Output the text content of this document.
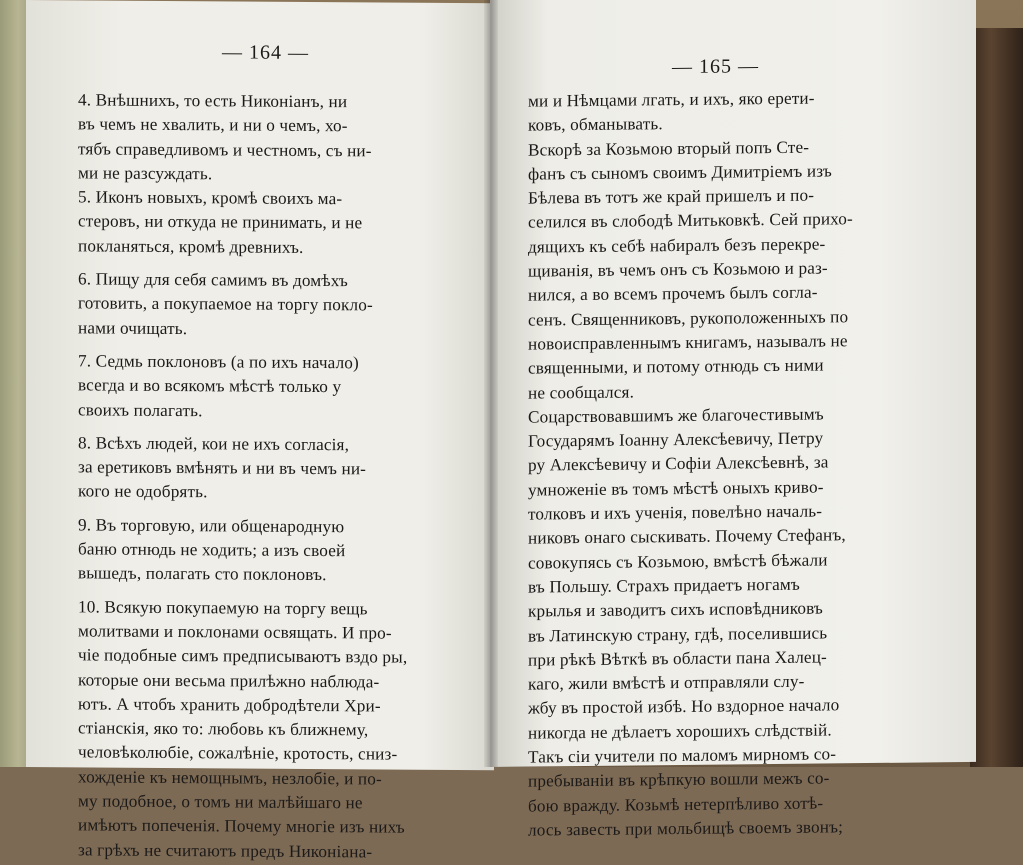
— 164 —
4. Внѣшнихъ, то есть Никоніанъ, ни
въ чемъ не хвалить, и ни о чемъ, хо-
тябъ справедливомъ и честномъ, съ ни-
ми не разсуждать.
5. Иконъ новыхъ, кромѣ своихъ ма-
стеровъ, ни откуда не принимать, и не
покланяться, кромѣ древнихъ.
6. Пищу для себя самимъ въ домѣхъ
готовить, а покупаемое на торгу покло-
нами очищать.
7. Седмь поклоновъ (а по ихъ начало)
всегда и во всякомъ мѣстѣ только у
своихъ полагать.
8. Всѣхъ людей, кои не ихъ согласія,
за еретиковъ вмѣнять и ни въ чемъ ни-
кого не одобрять.
9. Въ торговую, или общенародную
баню отнюдь не ходить; а изъ своей
вышедъ, полагать сто поклоновъ.
10. Всякую покупаемую на торгу вещь
молитвами и поклонами освящать. И про-
чіе подобные симъ предписываютъ вздо ры,
которые они весьма прилѣжно наблюда-
ютъ. А чтобъ хранить добродѣтели Хри-
стіанскія, яко то: любовь къ ближнему,
человѣколюбіе, сожалѣніе, кротость, сниз-
хожденіе къ немощнымъ, незлобіе, и по-
му подобное, о томъ ни малѣйшаго не
имѣютъ попеченія. Почему многіе изъ нихъ
за грѣхъ не считаютъ предъ Никоніана-
— 165 —
ми и Нѣмцами лгать, и ихъ, яко ерети-
ковъ, обманывать.
Вскорѣ за Козьмою вторый попъ Сте-
фанъ съ сыномъ своимъ Димитріемъ изъ
Бѣлева въ тотъ же край пришелъ и по-
селился въ слободѣ Митьковкѣ. Сей прихо-
дящихъ къ себѣ набиралъ безъ перекре-
щиванія, въ чемъ онъ съ Козьмою и раз-
нился, а во всемъ прочемъ былъ согла-
сенъ. Священниковъ, рукоположенныхъ по
новоисправленнымъ книгамъ, называлъ не
священными, и потому отнюдь съ ними
не сообщался.
Соцарствовавшимъ же благочестивымъ
Государямъ Іоанну Алексѣевичу, Петру
ру Алексѣевичу и Софіи Алексѣевнѣ, за
умноженіе въ томъ мѣстѣ оныхъ криво-
толковъ и ихъ ученія, повелѣно началь-
никовъ онаго сыскивать. Почему Стефанъ,
совокупясь съ Козьмою, вмѣстѣ бѣжали
въ Польшу. Страхъ придаетъ ногамъ
крылья и заводитъ сихъ исповѣдниковъ
въ Латинскую страну, гдѣ, поселившись
при рѣкѣ Вѣткѣ въ области пана Халец-
каго, жили вмѣстѣ и отправляли слу-
жбу въ простой избѣ. Но вздорное начало
никогда не дѣлаетъ хорошихъ слѣдствій.
Такъ сіи учители по маломъ мирномъ со-
пребываніи въ крѣпкую вошли межъ со-
бою вражду. Козьмѣ нетерпѣливо хотѣ-
лось завесть при мольбищѣ своемъ звонъ;
